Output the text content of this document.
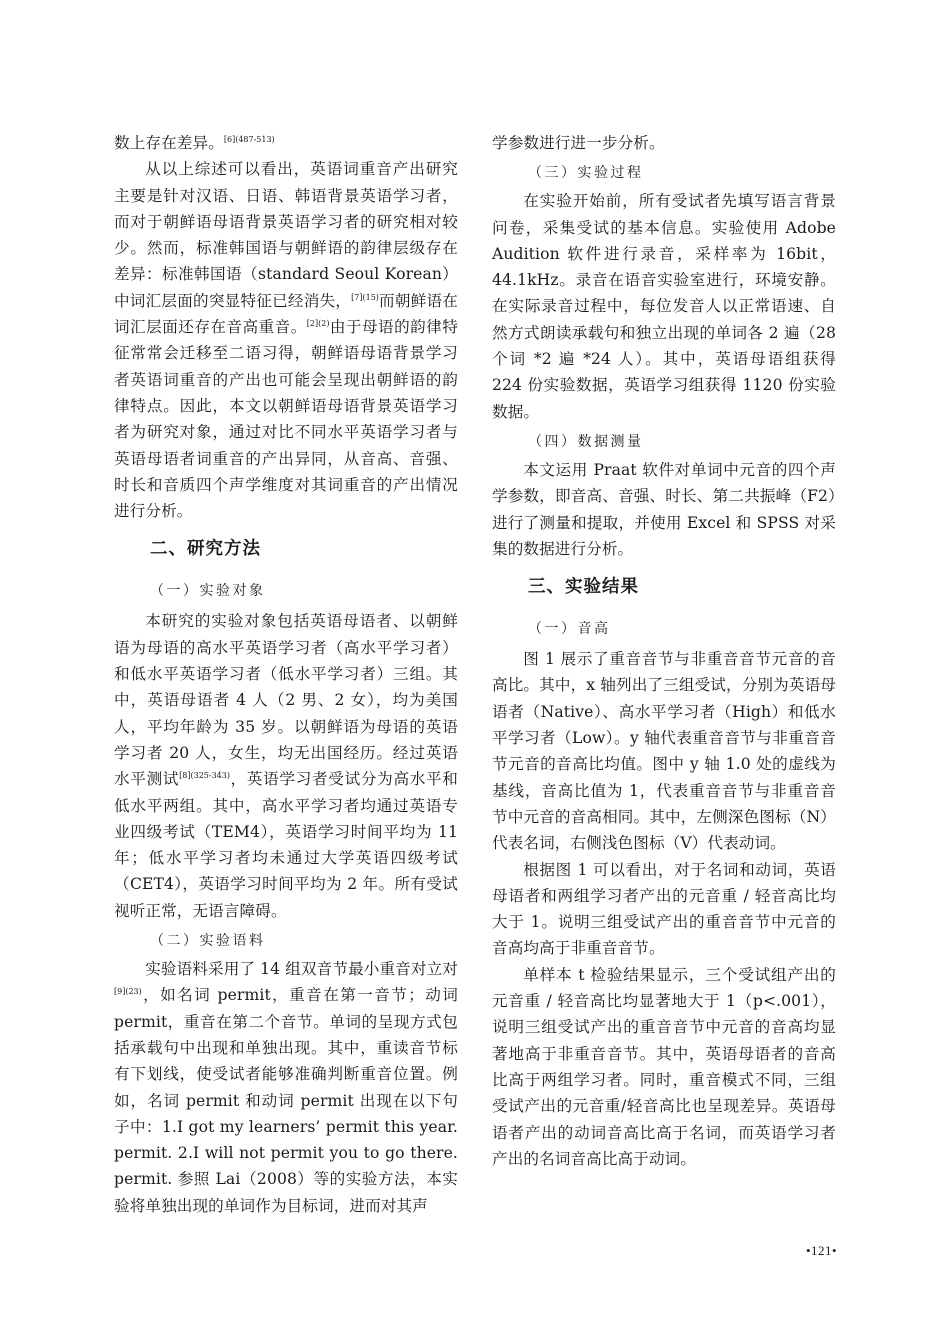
数上存在差异。$^{[6](487-513)}$

从以上综述可以看出，英语词重音产出研究主要是针对汉语、日语、韩语背景英语学习者，而对于朝鲜语母语背景英语学习者的研究相对较少。然而，标准韩国语与朝鲜语的韵律层级存在差异：标准韩国语（standard Seoul Korean）中词汇层面的突显特征已经消失，$^{[7](15)}$而朝鲜语在词汇层面还存在音高重音。$^{[2](2)}$由于母语的韵律特征常常会迁移至二语习得，朝鲜语母语背景学习者英语词重音的产出也可能会呈现出朝鲜语的韵律特点。因此，本文以朝鲜语母语背景英语学习者为研究对象，通过对比不同水平英语学习者与英语母语者词重音的产出异同，从音高、音强、时长和音质四个声学维度对其词重音的产出情况进行分析。

二、研究方法
（一）实验对象

本研究的实验对象包括英语母语者、以朝鲜语为母语的高水平英语学习者（高水平学习者）和低水平英语学习者（低水平学习者）三组。其中，英语母语者 4 人（2 男、2 女），均为美国人，平均年龄为 35 岁。以朝鲜语为母语的英语学习者 20 人，女生，均无出国经历。经过英语水平测试$^{[8](325-343)}$，英语学习者受试分为高水平和低水平两组。其中，高水平学习者均通过英语专业四级考试（TEM4），英语学习时间平均为 11 年；低水平学习者均未通过大学英语四级考试（CET4），英语学习时间平均为 2 年。所有受试视听正常，无语言障碍。

（二）实验语料

实验语料采用了 14 组双音节最小重音对立对$^{[9](23)}$，如名词 permit，重音在第一音节；动词 permit，重音在第二个音节。单词的呈现方式包括承载句中出现和单独出现。其中，重读音节标有下划线，使受试者能够准确判断重音位置。例如，名词 permit 和动词 permit 出现在以下句子中：1.I got my learners’ permit this year. permit. 2.I will not permit you to go there. permit. 参照 Lai（2008）等的实验方法，本实验将单独出现的单词作为目标词，进而对其声

学参数进行进一步分析。

（三）实验过程

在实验开始前，所有受试者先填写语言背景问卷，采集受试的基本信息。实验使用 Adobe Audition 软件进行录音，采样率为 16bit，44.1kHz。录音在语音实验室进行，环境安静。在实际录音过程中，每位发音人以正常语速、自然方式朗读承载句和独立出现的单词各 2 遍（28 个词 *2 遍 *24 人）。其中，英语母语组获得 224 份实验数据，英语学习组获得 1120 份实验数据。

（四）数据测量

本文运用 Praat 软件对单词中元音的四个声学参数，即音高、音强、时长、第二共振峰（F2）进行了测量和提取，并使用 Excel 和 SPSS 对采集的数据进行分析。

三、实验结果
（一）音高

图 1 展示了重音音节与非重音音节元音的音高比。其中，x 轴列出了三组受试，分别为英语母语者（Native）、高水平学习者（High）和低水平学习者（Low）。y 轴代表重音音节与非重音音节元音的音高比均值。图中 y 轴 1.0 处的虚线为基线，音高比值为 1，代表重音音节与非重音音节中元音的音高相同。其中，左侧深色图标（N）代表名词，右侧浅色图标（V）代表动词。

根据图 1 可以看出，对于名词和动词，英语母语者和两组学习者产出的元音重 / 轻音高比均大于 1。说明三组受试产出的重音音节中元音的音高均高于非重音音节。

单样本 t 检验结果显示，三个受试组产出的元音重 / 轻音高比均显著地大于 1（p<.001），说明三组受试产出的重音音节中元音的音高均显著地高于非重音音节。其中，英语母语者的音高比高于两组学习者。同时，重音模式不同，三组受试产出的元音重/轻音高比也呈现差异。英语母语者产出的动词音高比高于名词，而英语学习者产出的名词音高比高于动词。

•121•
